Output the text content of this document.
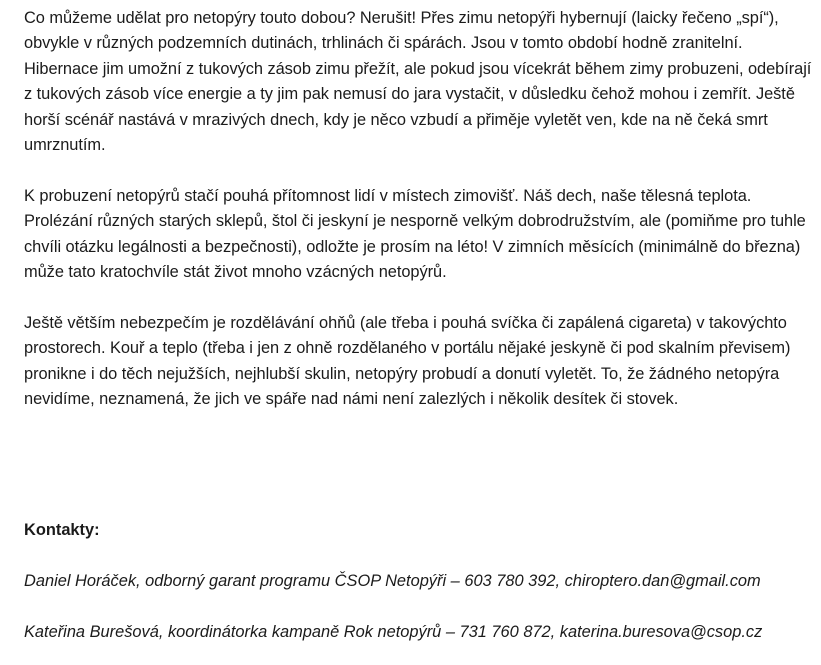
Co můžeme udělat pro netopýry touto dobou? Nerušit! Přes zimu netopýři hybernují (laicky řečeno „spí“), obvykle v různých podzemních dutinách, trhlinách či spárách. Jsou v tomto období hodně zranitelní. Hibernace jim umožní z tukových zásob zimu přežít, ale pokud jsou vícekrát během zimy probuzeni, odebírají z tukových zásob více energie a ty jim pak nemusí do jara vystačit, v důsledku čehož mohou i zemřít. Ještě horší scénář nastává v mrazivých dnech, kdy je něco vzbudí a přiměje vyletět ven, kde na ně čeká smrt umrznutím.

K probuzení netopýrů stačí pouhá přítomnost lidí v místech zimovišť. Náš dech, naše tělesná teplota. Prolézání různých starých sklepů, štol či jeskyní je nesporně velkým dobrodružstvím, ale (pomiňme pro tuhle chvíli otázku legálnosti a bezpečnosti), odložte je prosím na léto! V zimních měsících (minimálně do března) může tato kratochvíle stát život mnoho vzácných netopýrů.

Ještě větším nebezpečím je rozdělávání ohňů (ale třeba i pouhá svíčka či zapálená cigareta) v takovýchto prostorech. Kouř a teplo (třeba i jen z ohně rozdělaného v portálu nějaké jeskyně či pod skalním převisem) pronikne i do těch nejužších, nejhlubší skulin, netopýry probudí a donutí vyletět. To, že žádného netopýra nevidíme, neznamená, že jich ve spáře nad námi není zalezlých i několik desítek či stovek.

Kontakty:

Daniel Horáček, odborný garant programu ČSOP Netopýři – 603 780 392, chiroptero.dan@gmail.com

Kateřina Burešová, koordinátorka kampaně Rok netopýrů – 731 760 872, katerina.buresova@csop.cz
